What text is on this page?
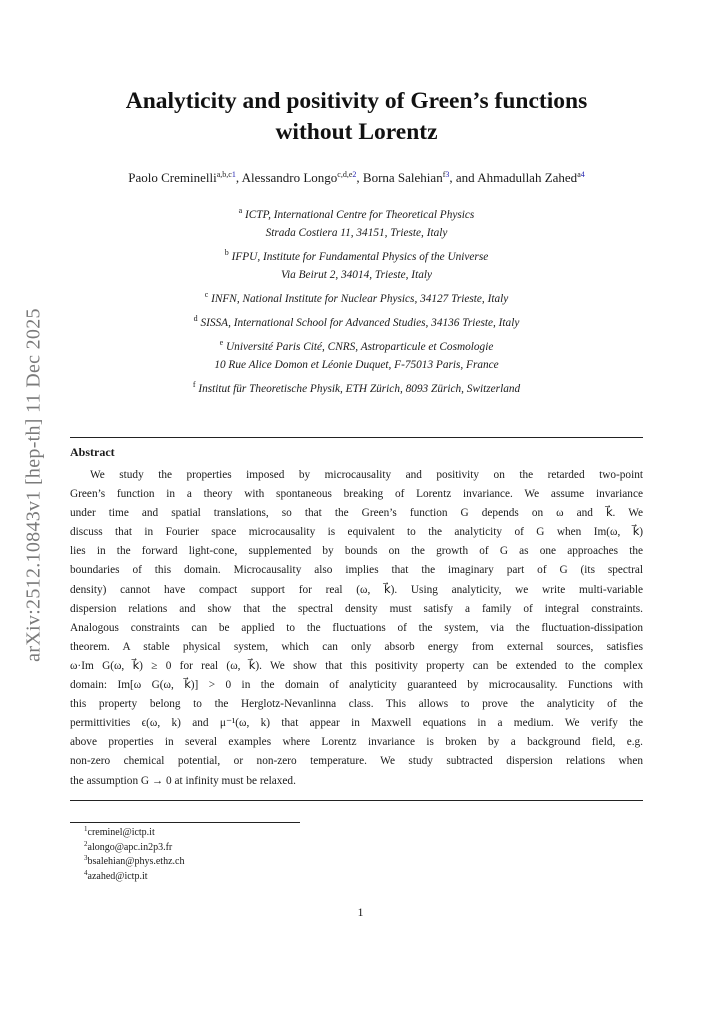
arXiv:2512.10843v1 [hep-th] 11 Dec 2025
Analyticity and positivity of Green’s functions
without Lorentz
Paolo Creminelli$^{a,b,c1}$, Alessandro Longo$^{c,d,e2}$, Borna Salehian$^{f3}$, and Ahmadullah Zahed$^{a4}$
$^a$ ICTP, International Centre for Theoretical Physics
Strada Costiera 11, 34151, Trieste, Italy
$^b$ IFPU, Institute for Fundamental Physics of the Universe
Via Beirut 2, 34014, Trieste, Italy
$^c$ INFN, National Institute for Nuclear Physics, 34127 Trieste, Italy
$^d$ SISSA, International School for Advanced Studies, 34136 Trieste, Italy
$^e$ Université Paris Cité, CNRS, Astroparticule et Cosmologie
10 Rue Alice Domon et Léonie Duquet, F-75013 Paris, France
$^f$ Institut für Theoretische Physik, ETH Zürich, 8093 Zürich, Switzerland
Abstract
We study the properties imposed by microcausality and positivity on the retarded two-point
Green’s function in a theory with spontaneous breaking of Lorentz invariance. We assume invariance
under time and spatial translations, so that the Green’s function G depends on ω and k⃗. We
discuss that in Fourier space microcausality is equivalent to the analyticity of G when Im(ω, k⃗)
lies in the forward light-cone, supplemented by bounds on the growth of G as one approaches the
boundaries of this domain. Microcausality also implies that the imaginary part of G (its spectral
density) cannot have compact support for real (ω, k⃗). Using analyticity, we write multi-variable
dispersion relations and show that the spectral density must satisfy a family of integral constraints.
Analogous constraints can be applied to the fluctuations of the system, via the fluctuation-dissipation
theorem. A stable physical system, which can only absorb energy from external sources, satisfies
ω·Im G(ω, k⃗) ≥ 0 for real (ω, k⃗). We show that this positivity property can be extended to the complex
domain: Im[ω G(ω, k⃗)] > 0 in the domain of analyticity guaranteed by microcausality. Functions with
this property belong to the Herglotz-Nevanlinna class. This allows to prove the analyticity of the
permittivities ϵ(ω, k) and μ⁻¹(ω, k) that appear in Maxwell equations in a medium. We verify the
above properties in several examples where Lorentz invariance is broken by a background field, e.g.
non-zero chemical potential, or non-zero temperature. We study subtracted dispersion relations when
the assumption G → 0 at infinity must be relaxed.
$^1$creminel@ictp.it
$^2$alongo@apc.in2p3.fr
$^3$bsalehian@phys.ethz.ch
$^4$azahed@ictp.it
1
